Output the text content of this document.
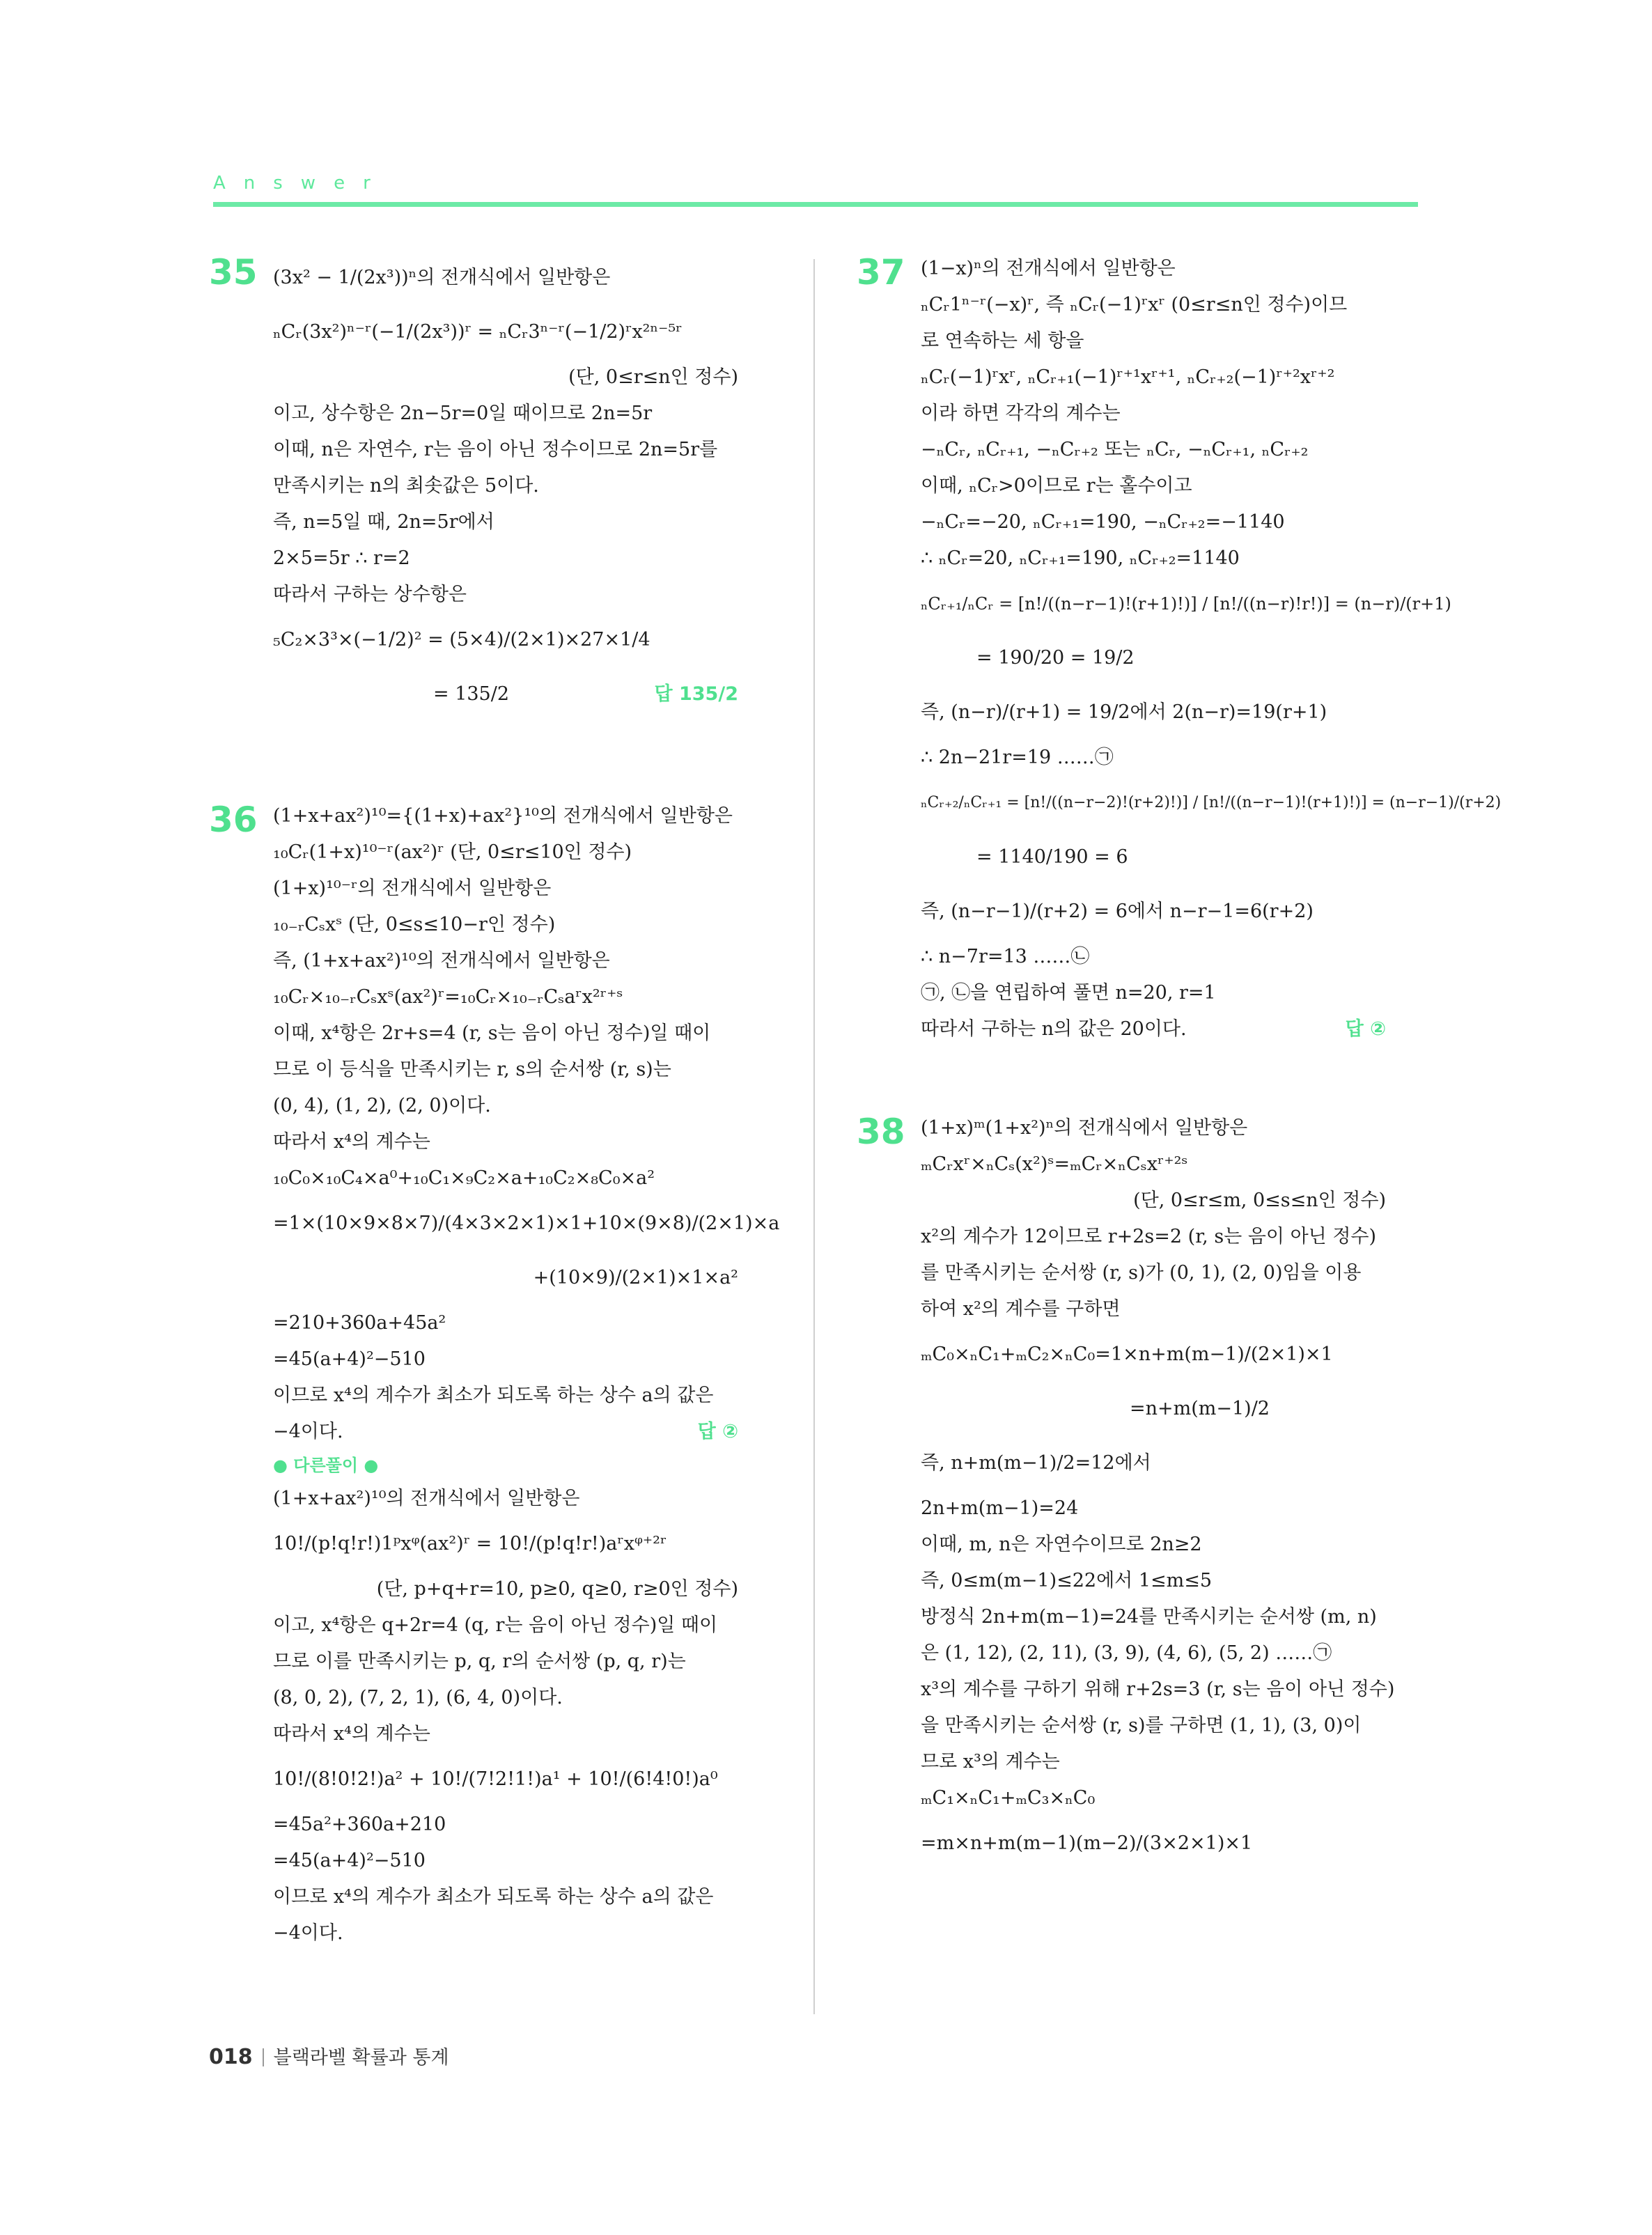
Answer
35 (3x² − 1/(2x³))ⁿ의 전개식에서 일반항은
ₙCᵣ(3x²)ⁿ⁻ʳ(−1/(2x³))ʳ = ₙCᵣ3ⁿ⁻ʳ(−1/2)ʳx²ⁿ⁻⁵ʳ
(단, 0≤r≤n인 정수)
이고, 상수항은 2n−5r=0일 때이므로 2n=5r
이때, n은 자연수, r는 음이 아닌 정수이므로 2n=5r를
만족시키는 n의 최솟값은 5이다.
즉, n=5일 때, 2n=5r에서
2×5=5r ∴ r=2
따라서 구하는 상수항은
₅C₂×3³×(−1/2)² = (5×4)/(2×1)×27×1/4
= 135/2	답 135/2
36 (1+x+ax²)¹⁰={(1+x)+ax²}¹⁰의 전개식에서 일반항은
₁₀Cᵣ(1+x)¹⁰⁻ʳ(ax²)ʳ (단, 0≤r≤10인 정수)
(1+x)¹⁰⁻ʳ의 전개식에서 일반항은
₁₀₋ᵣCₛxˢ (단, 0≤s≤10−r인 정수)
즉, (1+x+ax²)¹⁰의 전개식에서 일반항은
₁₀Cᵣ×₁₀₋ᵣCₛxˢ(ax²)ʳ=₁₀Cᵣ×₁₀₋ᵣCₛaʳx²ʳ⁺ˢ
이때, x⁴항은 2r+s=4 (r, s는 음이 아닌 정수)일 때이
므로 이 등식을 만족시키는 r, s의 순서쌍 (r, s)는
(0, 4), (1, 2), (2, 0)이다.
따라서 x⁴의 계수는
₁₀C₀×₁₀C₄×a⁰+₁₀C₁×₉C₂×a+₁₀C₂×₈C₀×a²
=1×(10×9×8×7)/(4×3×2×1)×1+10×(9×8)/(2×1)×a
+(10×9)/(2×1)×1×a²
=210+360a+45a²
=45(a+4)²−510
이므로 x⁴의 계수가 최소가 되도록 하는 상수 a의 값은
−4이다.	답 ②
● 다른풀이 ●
(1+x+ax²)¹⁰의 전개식에서 일반항은
10!/(p!q!r!)1ᵖxᵠ(ax²)ʳ = 10!/(p!q!r!)aʳxᵠ⁺²ʳ
(단, p+q+r=10, p≥0, q≥0, r≥0인 정수)
이고, x⁴항은 q+2r=4 (q, r는 음이 아닌 정수)일 때이
므로 이를 만족시키는 p, q, r의 순서쌍 (p, q, r)는
(8, 0, 2), (7, 2, 1), (6, 4, 0)이다.
따라서 x⁴의 계수는
10!/(8!0!2!)a² + 10!/(7!2!1!)a¹ + 10!/(6!4!0!)a⁰
=45a²+360a+210
=45(a+4)²−510
이므로 x⁴의 계수가 최소가 되도록 하는 상수 a의 값은
−4이다.
37 (1−x)ⁿ의 전개식에서 일반항은
ₙCᵣ1ⁿ⁻ʳ(−x)ʳ, 즉 ₙCᵣ(−1)ʳxʳ (0≤r≤n인 정수)이므
로 연속하는 세 항을
ₙCᵣ(−1)ʳxʳ, ₙCᵣ₊₁(−1)ʳ⁺¹xʳ⁺¹, ₙCᵣ₊₂(−1)ʳ⁺²xʳ⁺²
이라 하면 각각의 계수는
−ₙCᵣ, ₙCᵣ₊₁, −ₙCᵣ₊₂ 또는 ₙCᵣ, −ₙCᵣ₊₁, ₙCᵣ₊₂
이때, ₙCᵣ>0이므로 r는 홀수이고
−ₙCᵣ=−20, ₙCᵣ₊₁=190, −ₙCᵣ₊₂=−1140
∴ ₙCᵣ=20, ₙCᵣ₊₁=190, ₙCᵣ₊₂=1140
ₙCᵣ₊₁/ₙCᵣ = [n!/((n−r−1)!(r+1)!)] / [n!/((n−r)!r!)] = (n−r)/(r+1)
= 190/20 = 19/2
즉, (n−r)/(r+1) = 19/2에서 2(n−r)=19(r+1)
∴ 2n−21r=19 ……㉠
ₙCᵣ₊₂/ₙCᵣ₊₁ = [n!/((n−r−2)!(r+2)!)] / [n!/((n−r−1)!(r+1)!)] = (n−r−1)/(r+2)
= 1140/190 = 6
즉, (n−r−1)/(r+2) = 6에서 n−r−1=6(r+2)
∴ n−7r=13 ……㉡
㉠, ㉡을 연립하여 풀면 n=20, r=1
따라서 구하는 n의 값은 20이다.	답 ②
38 (1+x)ᵐ(1+x²)ⁿ의 전개식에서 일반항은
ₘCᵣxʳ×ₙCₛ(x²)ˢ=ₘCᵣ×ₙCₛxʳ⁺²ˢ
(단, 0≤r≤m, 0≤s≤n인 정수)
x²의 계수가 12이므로 r+2s=2 (r, s는 음이 아닌 정수)
를 만족시키는 순서쌍 (r, s)가 (0, 1), (2, 0)임을 이용
하여 x²의 계수를 구하면
ₘC₀×ₙC₁+ₘC₂×ₙC₀=1×n+m(m−1)/(2×1)×1
=n+m(m−1)/2
즉, n+m(m−1)/2=12에서
2n+m(m−1)=24
이때, m, n은 자연수이므로 2n≥2
즉, 0≤m(m−1)≤22에서 1≤m≤5
방정식 2n+m(m−1)=24를 만족시키는 순서쌍 (m, n)
은 (1, 12), (2, 11), (3, 9), (4, 6), (5, 2) ……㉠
x³의 계수를 구하기 위해 r+2s=3 (r, s는 음이 아닌 정수)
을 만족시키는 순서쌍 (r, s)를 구하면 (1, 1), (3, 0)이
므로 x³의 계수는
ₘC₁×ₙC₁+ₘC₃×ₙC₀
=m×n+m(m−1)(m−2)/(3×2×1)×1
018 블랙라벨 확률과 통계
